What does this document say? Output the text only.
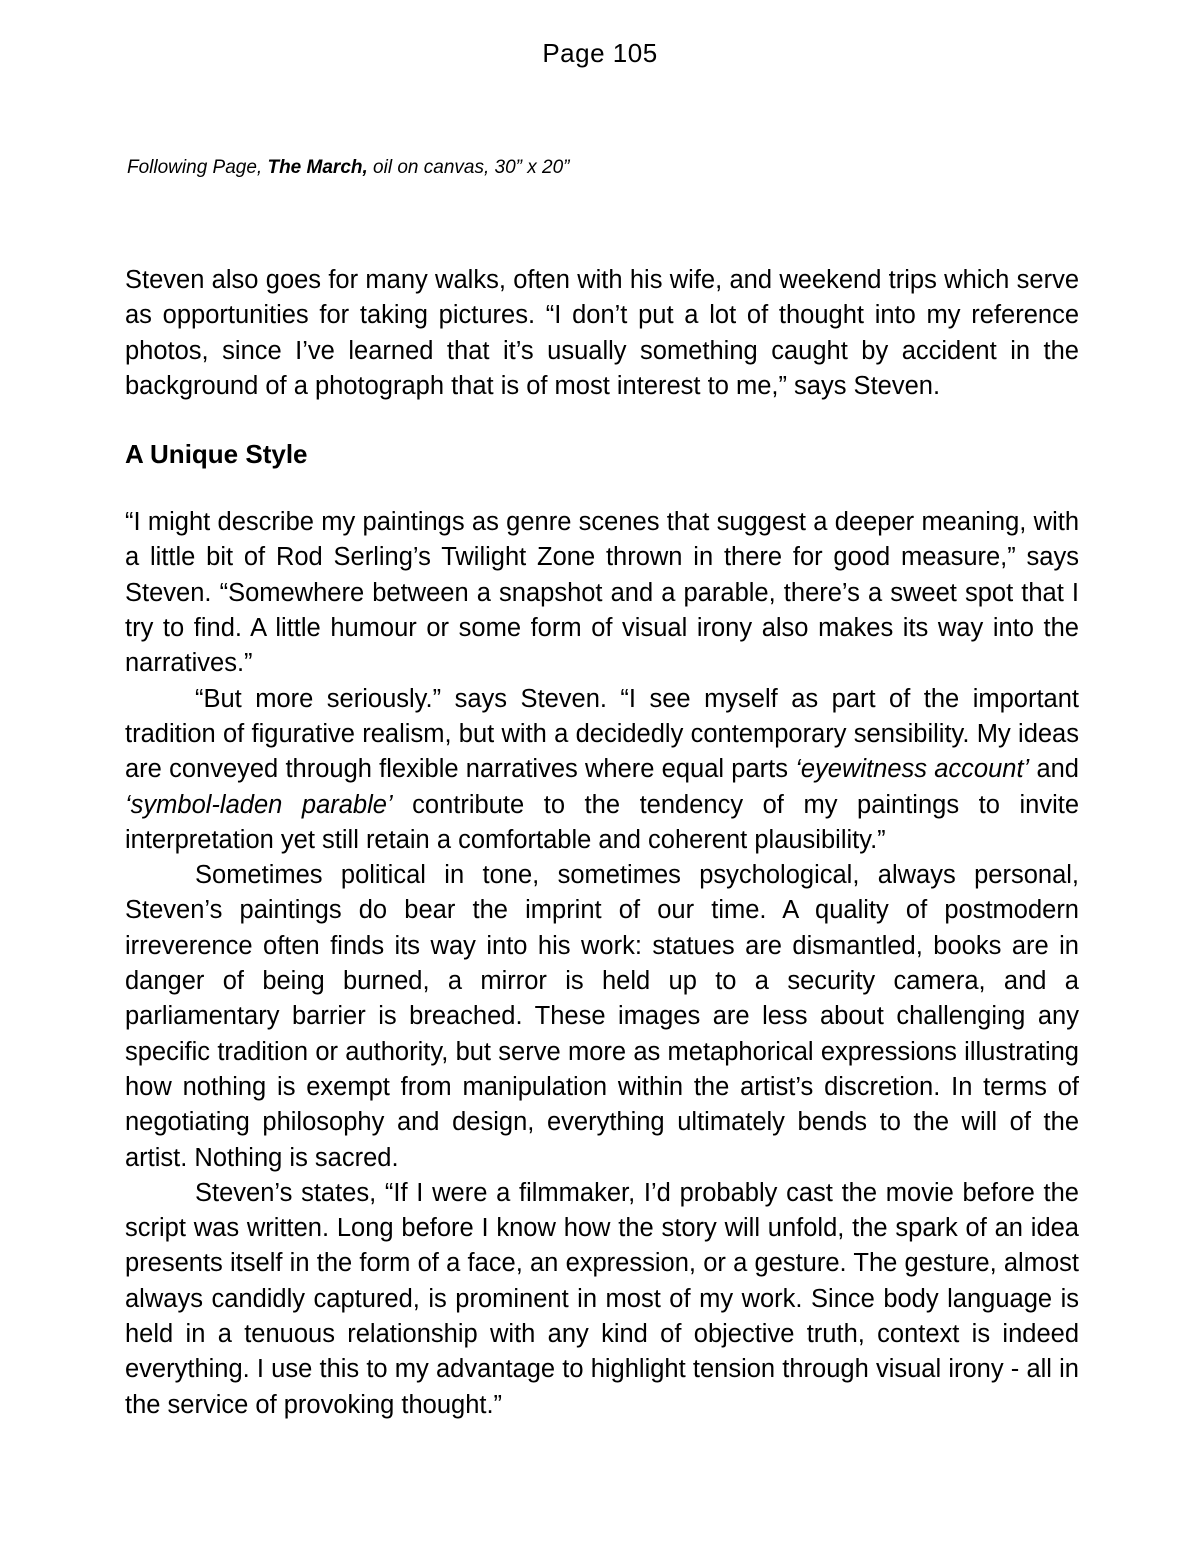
Page 105
Following Page, The March, oil on canvas, 30” x 20”

Steven also goes for many walks, often with his wife, and weekend trips which serve as opportunities for taking pictures. “I don’t put a lot of thought into my reference photos, since I’ve learned that it’s usually something caught by accident in the background of a photograph that is of most interest to me,” says Steven.

A Unique Style

“I might describe my paintings as genre scenes that suggest a deeper meaning, with a little bit of Rod Serling’s Twilight Zone thrown in there for good measure,” says Steven. “Somewhere between a snapshot and a parable, there’s a sweet spot that I try to find. A little humour or some form of visual irony also makes its way into the narratives.”

“But more seriously.” says Steven. “I see myself as part of the important tradition of figurative realism, but with a decidedly contemporary sensibility. My ideas are conveyed through flexible narratives where equal parts ‘eyewitness account’ and ‘symbol-laden parable’ contribute to the tendency of my paintings to invite interpretation yet still retain a comfortable and coherent plausibility.”

Sometimes political in tone, sometimes psychological, always personal, Steven’s paintings do bear the imprint of our time. A quality of postmodern irreverence often finds its way into his work: statues are dismantled, books are in danger of being burned, a mirror is held up to a security camera, and a parliamentary barrier is breached. These images are less about challenging any specific tradition or authority, but serve more as metaphorical expressions illustrating how nothing is exempt from manipulation within the artist’s discretion. In terms of negotiating philosophy and design, everything ultimately bends to the will of the artist. Nothing is sacred.

Steven’s states, “If I were a filmmaker, I’d probably cast the movie before the script was written. Long before I know how the story will unfold, the spark of an idea presents itself in the form of a face, an expression, or a gesture. The gesture, almost always candidly captured, is prominent in most of my work. Since body language is held in a tenuous relationship with any kind of objective truth, context is indeed everything. I use this to my advantage to highlight tension through visual irony - all in the service of provoking thought.”
